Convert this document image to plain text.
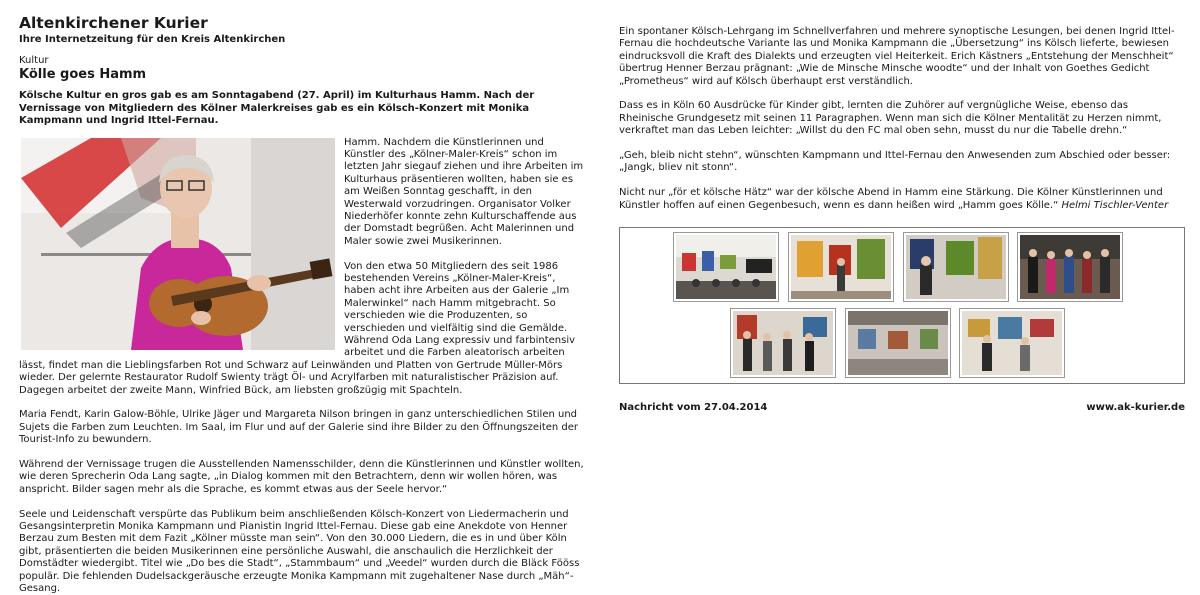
Altenkirchener Kurier
Ihre Internetzeitung für den Kreis Altenkirchen
Kultur
Kölle goes Hamm
Kölsche Kultur en gros gab es am Sonntagabend (27. April) im Kulturhaus Hamm. Nach der Vernissage von Mitgliedern des Kölner Malerkreises gab es ein Kölsch-Konzert mit Monika Kampmann und Ingrid Ittel-Fernau.

Hamm. Nachdem die Künstlerinnen und Künstler des „Kölner-Maler-Kreis“ schon im letzten Jahr siegauf ziehen und ihre Arbeiten im Kulturhaus präsentieren wollten, haben sie es am Weißen Sonntag geschafft, in den Westerwald vorzudringen. Organisator Volker Niederhöfer konnte zehn Kulturschaffende aus der Domstadt begrüßen. Acht Malerinnen und Maler sowie zwei Musikerinnen.

Von den etwa 50 Mitgliedern des seit 1986 bestehenden Vereins „Kölner-Maler-Kreis“, haben acht ihre Arbeiten aus der Galerie „Im Malerwinkel“ nach Hamm mitgebracht. So verschieden wie die Produzenten, so verschieden und vielfältig sind die Gemälde. Während Oda Lang expressiv und farbintensiv arbeitet und die Farben aleatorisch arbeiten lässt, findet man die Lieblingsfarben Rot und Schwarz auf Leinwänden und Platten von Gertrude Müller-Mörs wieder. Der gelernte Restaurator Rudolf Swienty trägt Öl- und Acrylfarben mit naturalistischer Präzision auf. Dagegen arbeitet der zweite Mann, Winfried Bück, am liebsten großzügig mit Spachteln.

Maria Fendt, Karin Galow-Böhle, Ulrike Jäger und Margareta Nilson bringen in ganz unterschiedlichen Stilen und Sujets die Farben zum Leuchten. Im Saal, im Flur und auf der Galerie sind ihre Bilder zu den Öffnungszeiten der Tourist-Info zu bewundern.

Während der Vernissage trugen die Ausstellenden Namensschilder, denn die Künstlerinnen und Künstler wollten, wie deren Sprecherin Oda Lang sagte, „in Dialog kommen mit den Betrachtern, denn wir wollen hören, was anspricht. Bilder sagen mehr als die Sprache, es kommt etwas aus der Seele hervor.“

Seele und Leidenschaft verspürte das Publikum beim anschließenden Kölsch-Konzert von Liedermacherin und Gesangsinterpretin Monika Kampmann und Pianistin Ingrid Ittel-Fernau. Diese gab eine Anekdote von Henner Berzau zum Besten mit dem Fazit „Kölner müsste man sein“. Von den 30.000 Liedern, die es in und über Köln gibt, präsentierten die beiden Musikerinnen eine persönliche Auswahl, die anschaulich die Herzlichkeit der Domstädter wiedergibt. Titel wie „Do bes die Stadt“, „Stammbaum“ und „Veedel“ wurden durch die Bläck Fööss populär. Die fehlenden Dudelsackgeräusche erzeugte Monika Kampmann mit zugehaltener Nase durch „Mäh“-Gesang.

Ein spontaner Kölsch-Lehrgang im Schnellverfahren und mehrere synoptische Lesungen, bei denen Ingrid Ittel-Fernau die hochdeutsche Variante las und Monika Kampmann die „Übersetzung“ ins Kölsch lieferte, bewiesen eindrucksvoll die Kraft des Dialekts und erzeugten viel Heiterkeit. Erich Kästners „Entstehung der Menschheit“ übertrug Henner Berzau prägnant: „Wie de Minsche Minsche woodte“ und der Inhalt von Goethes Gedicht „Prometheus“ wird auf Kölsch überhaupt erst verständlich.

Dass es in Köln 60 Ausdrücke für Kinder gibt, lernten die Zuhörer auf vergnügliche Weise, ebenso das Rheinische Grundgesetz mit seinen 11 Paragraphen. Wenn man sich die Kölner Mentalität zu Herzen nimmt, verkraftet man das Leben leichter: „Willst du den FC mal oben sehn, musst du nur die Tabelle drehn.“

„Geh, bleib nicht stehn“, wünschten Kampmann und Ittel-Fernau den Anwesenden zum Abschied oder besser: „Jangk, bliev nit stonn“.

Nicht nur „för et kölsche Hätz“ war der kölsche Abend in Hamm eine Stärkung. Die Kölner Künstlerinnen und Künstler hoffen auf einen Gegenbesuch, wenn es dann heißen wird „Hamm goes Kölle.“ Helmi Tischler-Venter

Nachricht vom 27.04.2014	www.ak-kurier.de
